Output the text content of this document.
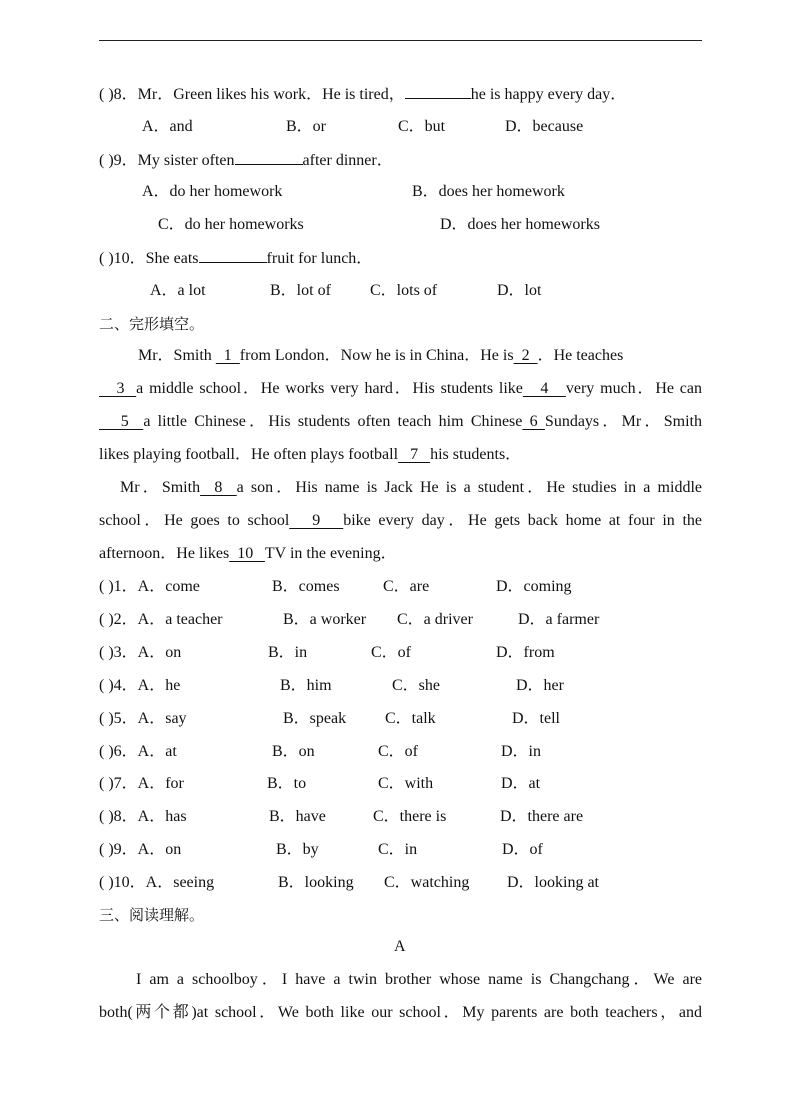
( )8．Mr．Green likes his work．He is tired，	he is happy every day．
A．and	B．or	C．but	D．because
( )9．My sister often	after dinner．
A．do her homework	B．does her homework
C．do her homeworks	D．does her homeworks
( )10．She eats	fruit for lunch．
A．a lot	B．lot of C．lots of	D．lot
二、完形填空。
Mr．Smith   1  from London．Now he is in China．He is  2  ．He teaches
3  a middle school．He works very hard．His students like   4   very much．He can
5  a little Chinese．His students often teach him Chinese 6 Sundays．Mr．Smith
likes playing football．He often plays football   7   his students．
Mr．Smith  8  a son．His name is Jack He is a student．He studies in a middle
school．He goes to school   9   bike every day．He gets back home at four in the
afternoon．He likes  10   TV in the evening．
( )1．A．come	B．comes	C．are	D．coming
( )2．A．a teacher	B．a worker C．a driver	D．a farmer
( )3．A．on	B．in	C．of	D．from
( )4．A．he	B．him	C．she	D．her
( )5．A．say	B．speak C．talk	D．tell
( )6．A．at	B．on	C．of	D．in
( )7．A．for	B．to	C．with	D．at
( )8．A．has	B．have	C．there is	D．there are
( )9．A．on	B．by	C．in	D．of
( )10．A．seeing	B．looking C．watching D．looking at
三、阅读理解。
A
I am a schoolboy．I have a twin brother whose name is Changchang．We are
both(两个都)at school．We both like our school．My parents are both teachers，and
